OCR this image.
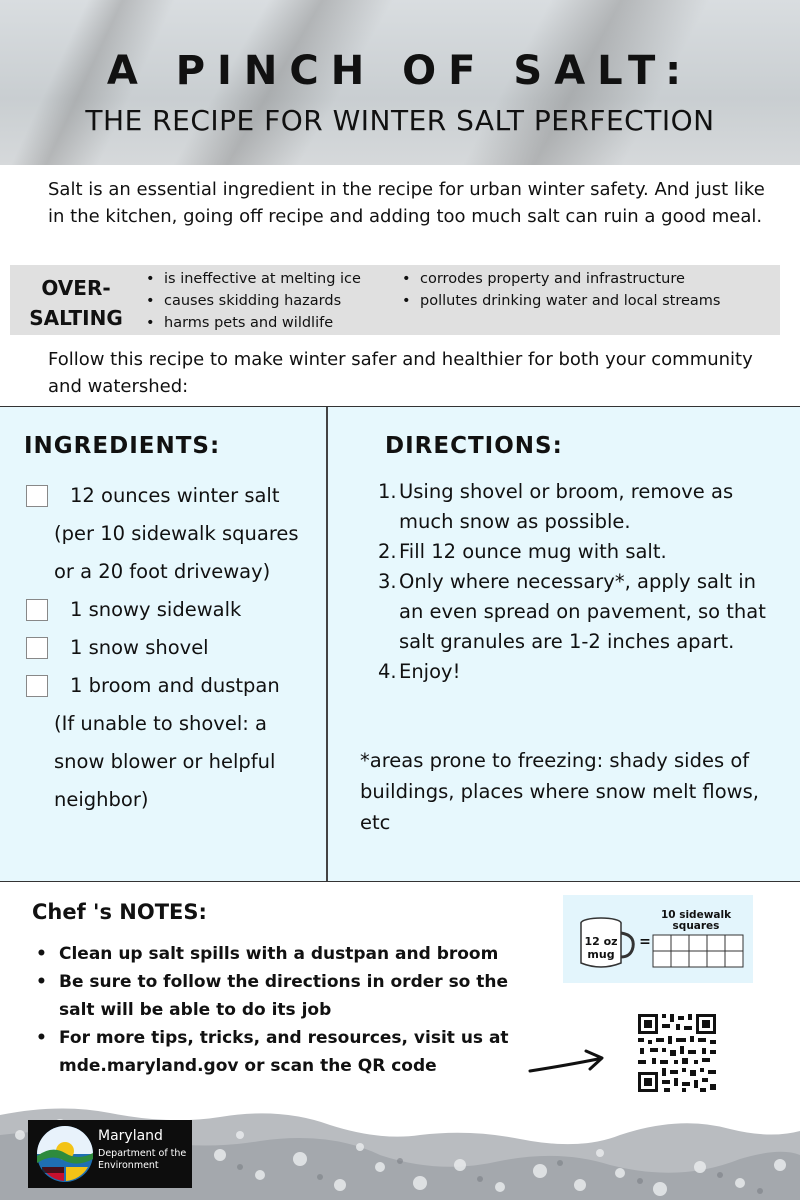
A PINCH OF SALT:
THE RECIPE FOR WINTER SALT PERFECTION
Salt is an essential ingredient in the recipe for urban winter safety. And just like in the kitchen, going off recipe and adding too much salt can ruin a good meal.
OVER-
SALTING
• is ineffective at melting ice
• causes skidding hazards
• harms pets and wildlife
• corrodes property and infrastructure
• pollutes drinking water and local streams
Follow this recipe to make winter safer and healthier for both your community and watershed:
INGREDIENTS:
12 ounces winter salt
(per 10 sidewalk squares
or a 20 foot driveway)
1 snowy sidewalk
1 snow shovel
1 broom and dustpan
(If unable to shovel: a
snow blower or helpful
neighbor)
DIRECTIONS:
1. Using shovel or broom, remove as much snow as possible.
2. Fill 12 ounce mug with salt.
3. Only where necessary*, apply salt in an even spread on pavement, so that salt granules are 1-2 inches apart.
4. Enjoy!
*areas prone to freezing: shady sides of buildings, places where snow melt flows, etc
Chef 's NOTES:
• Clean up salt spills with a dustpan and broom
• Be sure to follow the directions in order so the salt will be able to do its job
• For more tips, tricks, and resources, visit us at mde.maryland.gov or scan the QR code
12 oz
mug
=
10 sidewalk
squares
Maryland
Department of the Environment
